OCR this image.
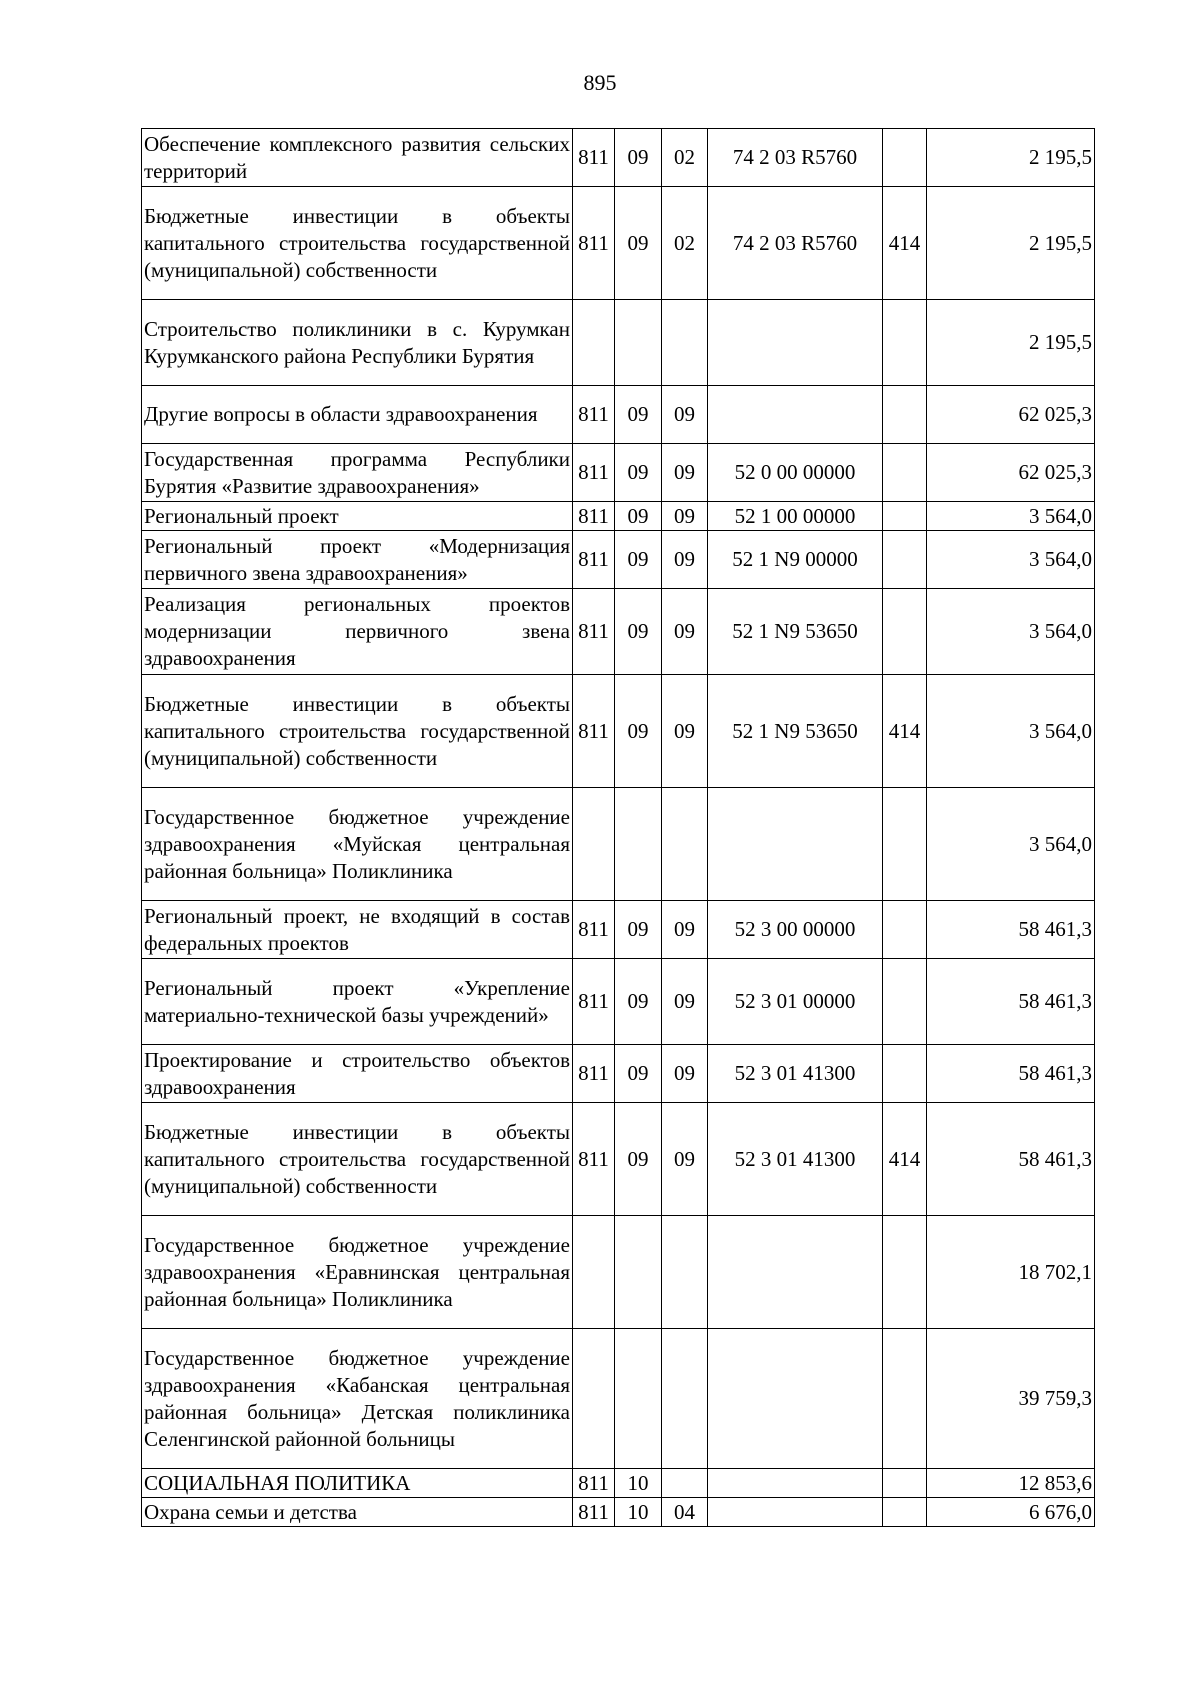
895
Обеспечение комплексного развития сельских территорий	811	09	02	74 2 03 R5760		2 195,5
Бюджетные инвестиции в объекты капитального строительства государственной (муниципальной) собственности	811	09	02	74 2 03 R5760	414	2 195,5
Строительство поликлиники в с. Курумкан Курумканского района Республики Бурятия						2 195,5
Другие вопросы в области здравоохранения	811	09	09			62 025,3
Государственная программа Республики Бурятия «Развитие здравоохранения»	811	09	09	52 0 00 00000		62 025,3
Региональный проект	811	09	09	52 1 00 00000		3 564,0
Региональный проект «Модернизация первичного звена здравоохранения»	811	09	09	52 1 N9 00000		3 564,0
Реализация региональных проектов модернизации первичного звена здравоохранения	811	09	09	52 1 N9 53650		3 564,0
Бюджетные инвестиции в объекты капитального строительства государственной (муниципальной) собственности	811	09	09	52 1 N9 53650	414	3 564,0
Государственное бюджетное учреждение здравоохранения «Муйская центральная районная больница» Поликлиника						3 564,0
Региональный проект, не входящий в состав федеральных проектов	811	09	09	52 3 00 00000		58 461,3
Региональный проект «Укрепление материально-технической базы учреждений»	811	09	09	52 3 01 00000		58 461,3
Проектирование и строительство объектов здравоохранения	811	09	09	52 3 01 41300		58 461,3
Бюджетные инвестиции в объекты капитального строительства государственной (муниципальной) собственности	811	09	09	52 3 01 41300	414	58 461,3
Государственное бюджетное учреждение здравоохранения «Еравнинская центральная районная больница» Поликлиника						18 702,1
Государственное бюджетное учреждение здравоохранения «Кабанская центральная районная больница» Детская поликлиника Селенгинской районной больницы						39 759,3
СОЦИАЛЬНАЯ ПОЛИТИКА	811	10				12 853,6
Охрана семьи и детства	811	10	04			6 676,0
